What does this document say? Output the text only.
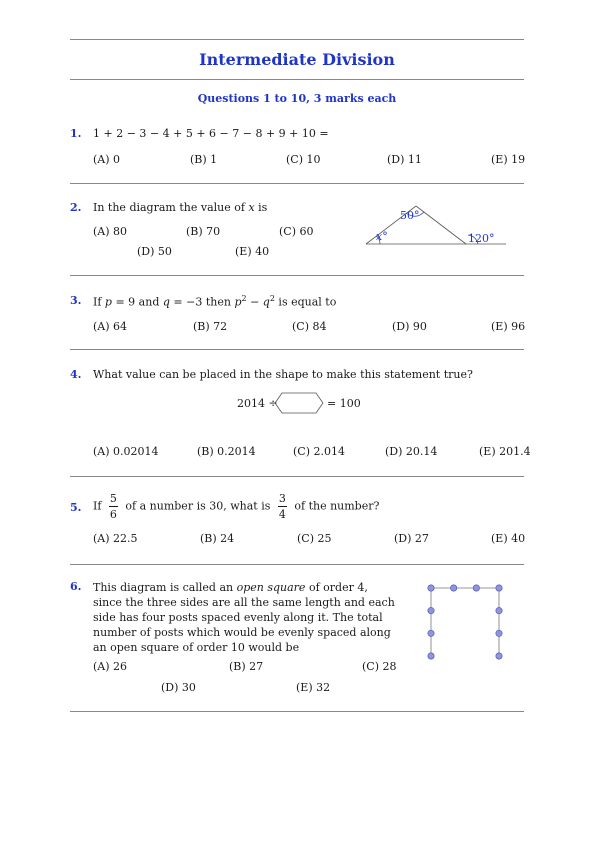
Intermediate Division
Questions 1 to 10, 3 marks each
1. 1 + 2 − 3 − 4 + 5 + 6 − 7 − 8 + 9 + 10 =
(A) 0	(B) 1	(C) 10	(D) 11	(E) 19
2. In the diagram the value of x is
(A) 80	(B) 70	(C) 60
(D) 50	(E) 40
50°
x°	120°
3. If p = 9 and q = −3 then $p^2 - q^2$ is equal to
(A) 64	(B) 72	(C) 84	(D) 90	(E) 96
4. What value can be placed in the shape to make this statement true?
2014 ÷	= 100
(A) 0.02014	(B) 0.2014	(C) 2.014	(D) 20.14	(E) 201.4
5. If $\frac{5}{6}$ of a number is 30, what is $\frac{3}{4}$ of the number?
(A) 22.5	(B) 24	(C) 25	(D) 27	(E) 40
6. This diagram is called an open square of order 4, since the three sides are all the same length and each side has four posts spaced evenly along it. The total number of posts which would be evenly spaced along an open square of order 10 would be
(A) 26	(B) 27	(C) 28
(D) 30	(E) 32
